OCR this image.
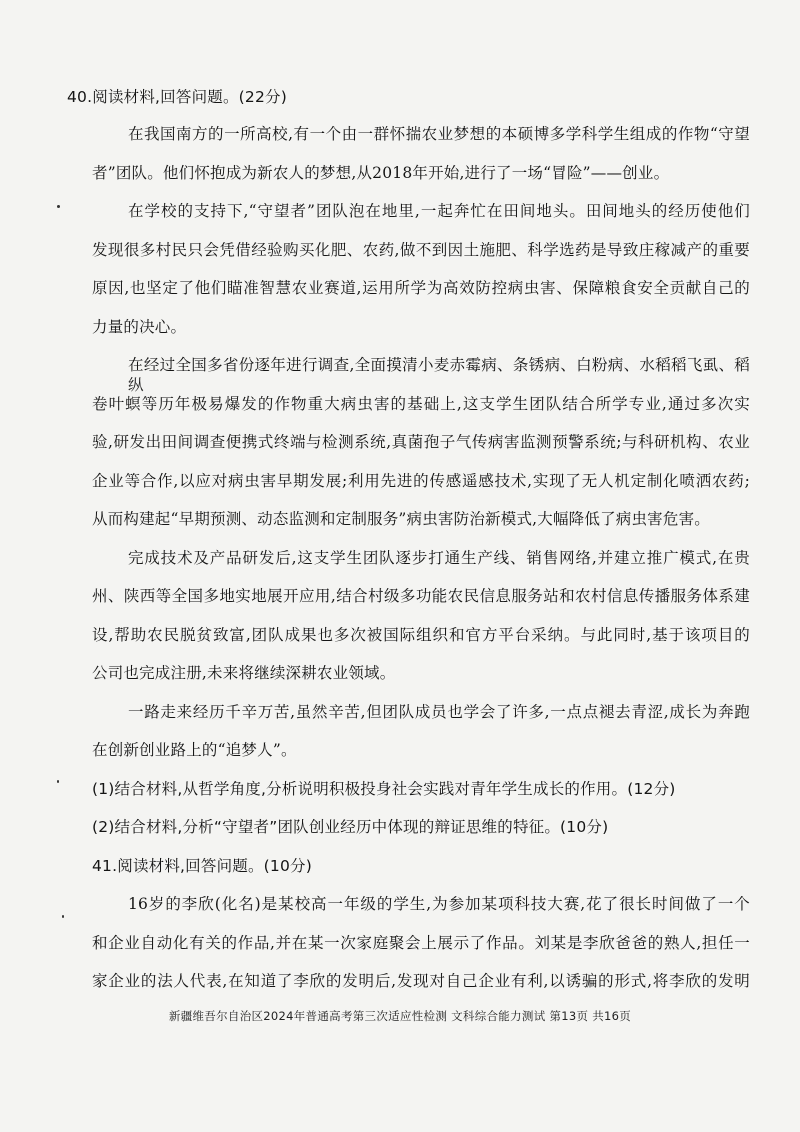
40.阅读材料,回答问题。(22分)
在我国南方的一所高校,有一个由一群怀揣农业梦想的本硕博多学科学生组成的作物“守望
者”团队。他们怀抱成为新农人的梦想,从2018年开始,进行了一场“冒险”——创业。
在学校的支持下,“守望者”团队泡在地里,一起奔忙在田间地头。田间地头的经历使他们
发现很多村民只会凭借经验购买化肥、农药,做不到因土施肥、科学选药是导致庄稼减产的重要
原因,也坚定了他们瞄准智慧农业赛道,运用所学为高效防控病虫害、保障粮食安全贡献自己的
力量的决心。
在经过全国多省份逐年进行调查,全面摸清小麦赤霉病、条锈病、白粉病、水稻稻飞虱、稻纵
卷叶螟等历年极易爆发的作物重大病虫害的基础上,这支学生团队结合所学专业,通过多次实
验,研发出田间调查便携式终端与检测系统,真菌孢子气传病害监测预警系统;与科研机构、农业
企业等合作,以应对病虫害早期发展;利用先进的传感遥感技术,实现了无人机定制化喷洒农药;
从而构建起“早期预测、动态监测和定制服务”病虫害防治新模式,大幅降低了病虫害危害。
完成技术及产品研发后,这支学生团队逐步打通生产线、销售网络,并建立推广模式,在贵
州、陕西等全国多地实地展开应用,结合村级多功能农民信息服务站和农村信息传播服务体系建
设,帮助农民脱贫致富,团队成果也多次被国际组织和官方平台采纳。与此同时,基于该项目的
公司也完成注册,未来将继续深耕农业领域。
一路走来经历千辛万苦,虽然辛苦,但团队成员也学会了许多,一点点褪去青涩,成长为奔跑
在创新创业路上的“追梦人”。
(1)结合材料,从哲学角度,分析说明积极投身社会实践对青年学生成长的作用。(12分)
(2)结合材料,分析“守望者”团队创业经历中体现的辩证思维的特征。(10分)
41.阅读材料,回答问题。(10分)
16岁的李欣(化名)是某校高一年级的学生,为参加某项科技大赛,花了很长时间做了一个
和企业自动化有关的作品,并在某一次家庭聚会上展示了作品。刘某是李欣爸爸的熟人,担任一
家企业的法人代表,在知道了李欣的发明后,发现对自己企业有利,以诱骗的形式,将李欣的发明
新疆维吾尔自治区2024年普通高考第三次适应性检测 文科综合能力测试 第13页 共16页
